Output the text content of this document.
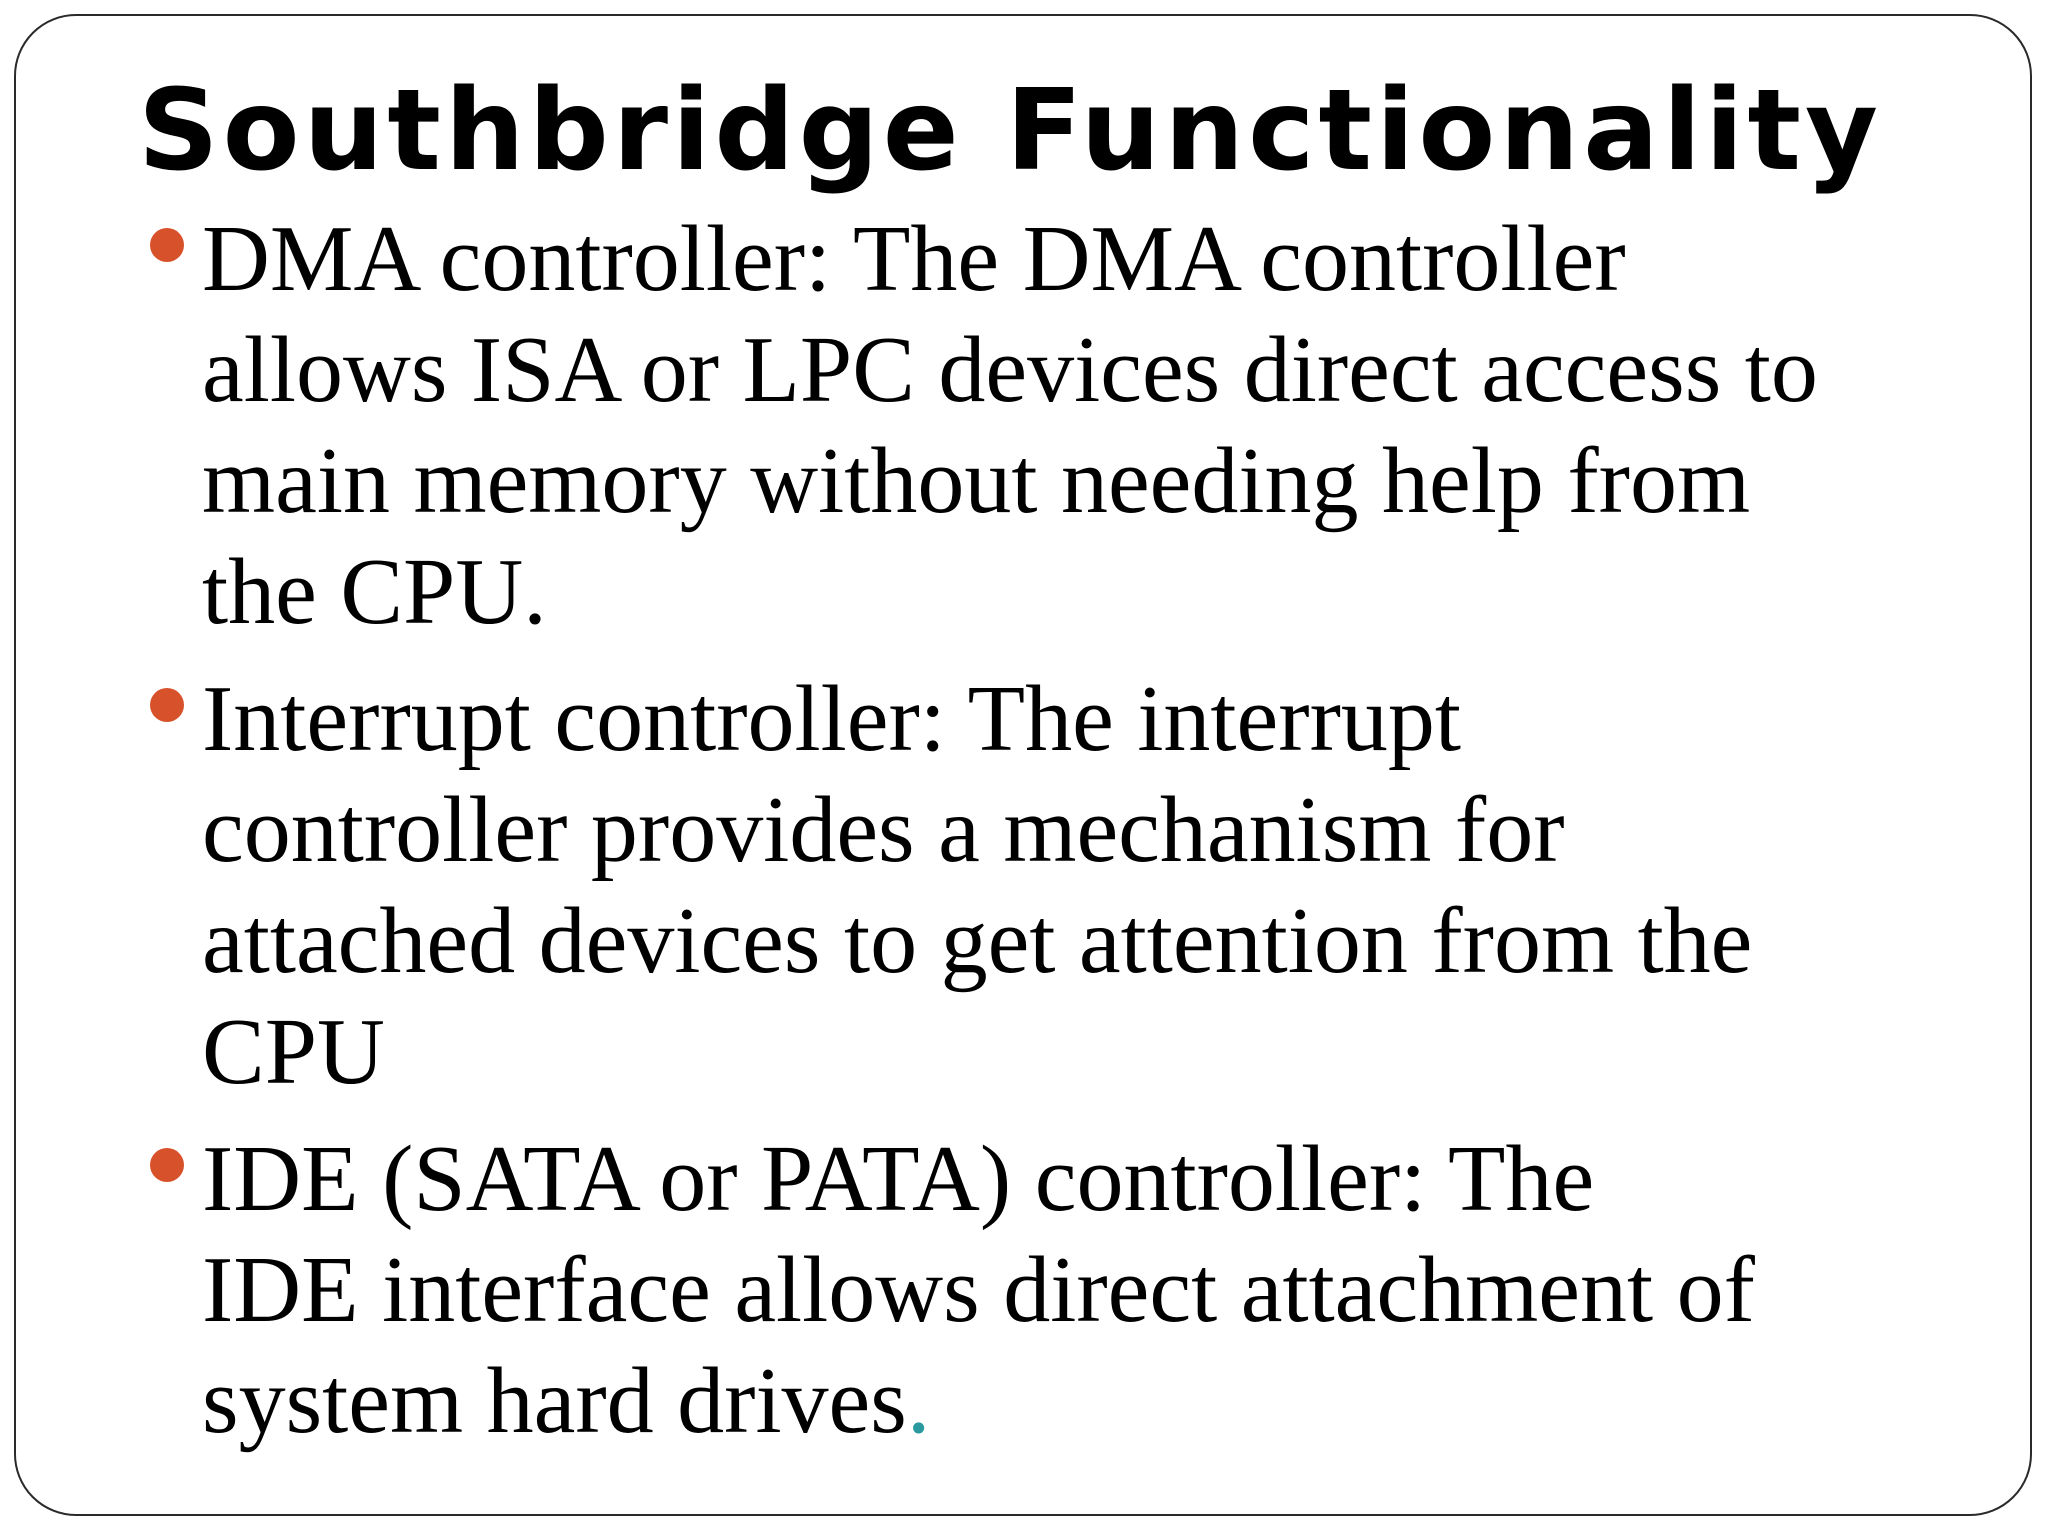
Southbridge Functionality
DMA controller: The DMA controller
allows ISA or LPC devices direct access to
main memory without needing help from
the CPU.
Interrupt controller: The interrupt
controller provides a mechanism for
attached devices to get attention from the
CPU
IDE (SATA or PATA) controller: The
IDE interface allows direct attachment of
system hard drives.
